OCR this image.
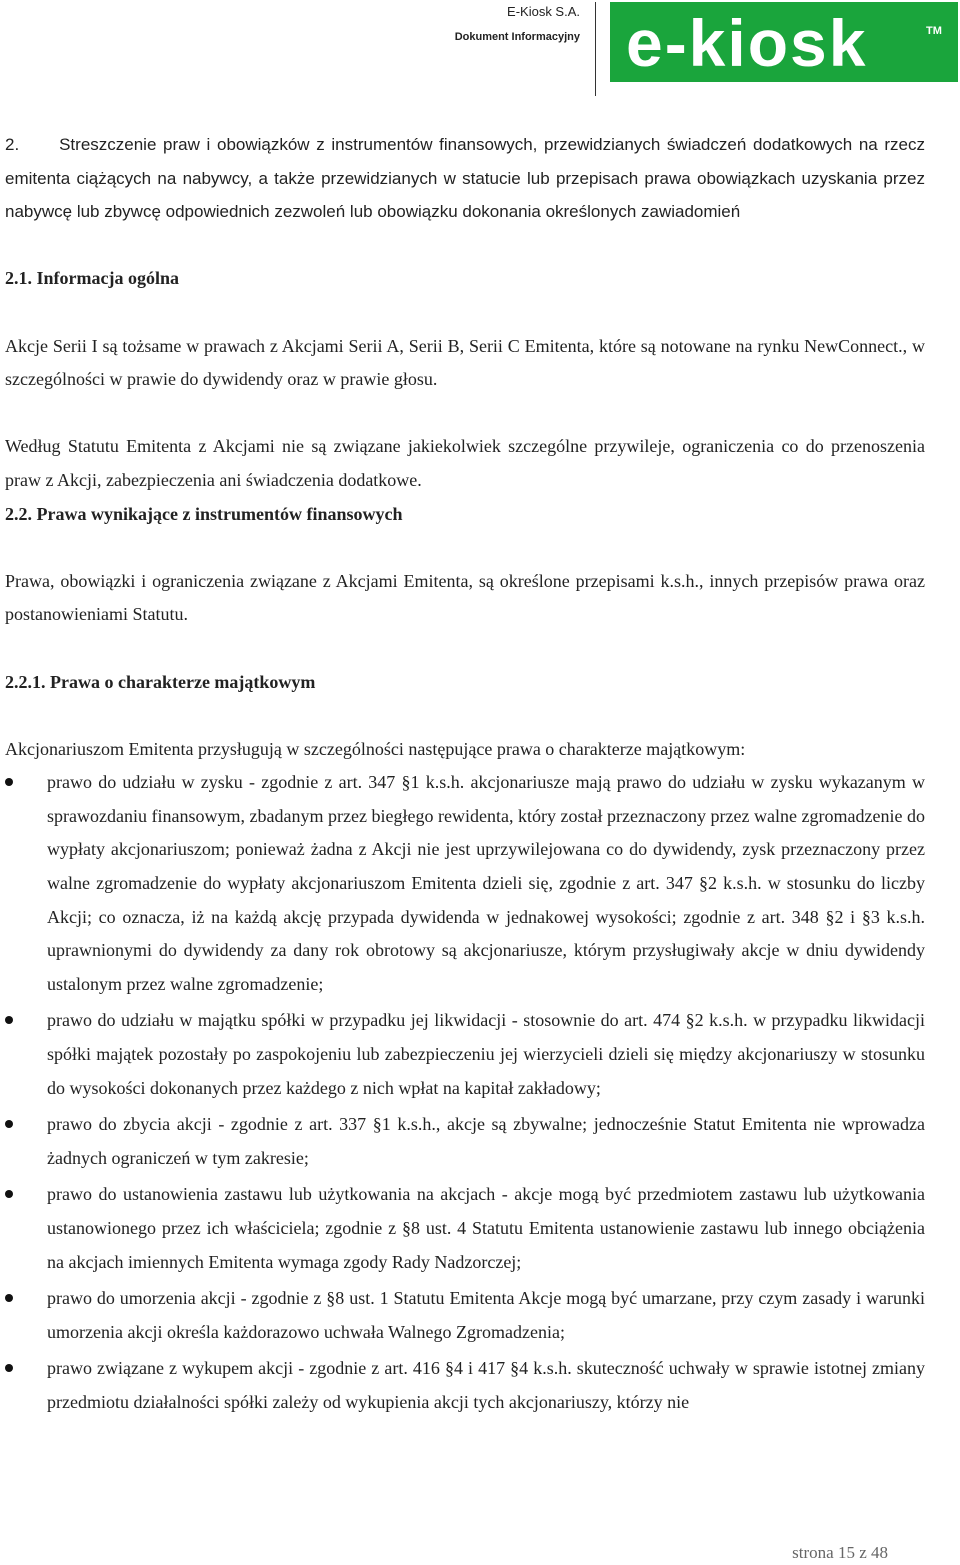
E-Kiosk S.A.
Dokument Informacyjny e-kiosk	TM

2. Streszczenie praw i obowiązków z instrumentów finansowych, przewidzianych świadczeń dodatkowych na rzecz emitenta ciążących na nabywcy, a także przewidzianych w statucie lub przepisach prawa obowiązkach uzyskania przez nabywcę lub zbywcę odpowiednich zezwoleń lub obowiązku dokonania określonych zawiadomień

2.1. Informacja ogólna

Akcje Serii I są tożsame w prawach z Akcjami Serii A, Serii B, Serii C Emitenta, które są notowane na rynku NewConnect., w szczególności w prawie do dywidendy oraz w prawie głosu.

Według Statutu Emitenta z Akcjami nie są związane jakiekolwiek szczególne przywileje, ograniczenia co do przenoszenia praw z Akcji, zabezpieczenia ani świadczenia dodatkowe.

2.2. Prawa wynikające z instrumentów finansowych

Prawa, obowiązki i ograniczenia związane z Akcjami Emitenta, są określone przepisami k.s.h., innych przepisów prawa oraz postanowieniami Statutu.

2.2.1. Prawa o charakterze majątkowym

Akcjonariuszom Emitenta przysługują w szczególności następujące prawa o charakterze majątkowym:

prawo do udziału w zysku - zgodnie z art. 347 §1 k.s.h. akcjonariusze mają prawo do udziału w zysku wykazanym w sprawozdaniu finansowym, zbadanym przez biegłego rewidenta, który został przeznaczony przez walne zgromadzenie do wypłaty akcjonariuszom; ponieważ żadna z Akcji nie jest uprzywilejowana co do dywidendy, zysk przeznaczony przez walne zgromadzenie do wypłaty akcjonariuszom Emitenta dzieli się, zgodnie z art. 347 §2 k.s.h. w stosunku do liczby Akcji; co oznacza, iż na każdą akcję przypada dywidenda w jednakowej wysokości; zgodnie z art. 348 §2 i §3 k.s.h. uprawnionymi do dywidendy za dany rok obrotowy są akcjonariusze, którym przysługiwały akcje w dniu dywidendy ustalonym przez walne zgromadzenie;
prawo do udziału w majątku spółki w przypadku jej likwidacji - stosownie do art. 474 §2 k.s.h. w przypadku likwidacji spółki majątek pozostały po zaspokojeniu lub zabezpieczeniu jej wierzycieli dzieli się między akcjonariuszy w stosunku do wysokości dokonanych przez każdego z nich wpłat na kapitał zakładowy;
prawo do zbycia akcji - zgodnie z art. 337 §1 k.s.h., akcje są zbywalne; jednocześnie Statut Emitenta nie wprowadza żadnych ograniczeń w tym zakresie;
prawo do ustanowienia zastawu lub użytkowania na akcjach - akcje mogą być przedmiotem zastawu lub użytkowania ustanowionego przez ich właściciela; zgodnie z §8 ust. 4 Statutu Emitenta ustanowienie zastawu lub innego obciążenia na akcjach imiennych Emitenta wymaga zgody Rady Nadzorczej;
prawo do umorzenia akcji - zgodnie z §8 ust. 1 Statutu Emitenta Akcje mogą być umarzane, przy czym zasady i warunki umorzenia akcji określa każdorazowo uchwała Walnego Zgromadzenia;
prawo związane z wykupem akcji - zgodnie z art. 416 §4 i 417 §4 k.s.h. skuteczność uchwały w sprawie istotnej zmiany przedmiotu działalności spółki zależy od wykupienia akcji tych akcjonariuszy, którzy nie
strona 15 z 48
